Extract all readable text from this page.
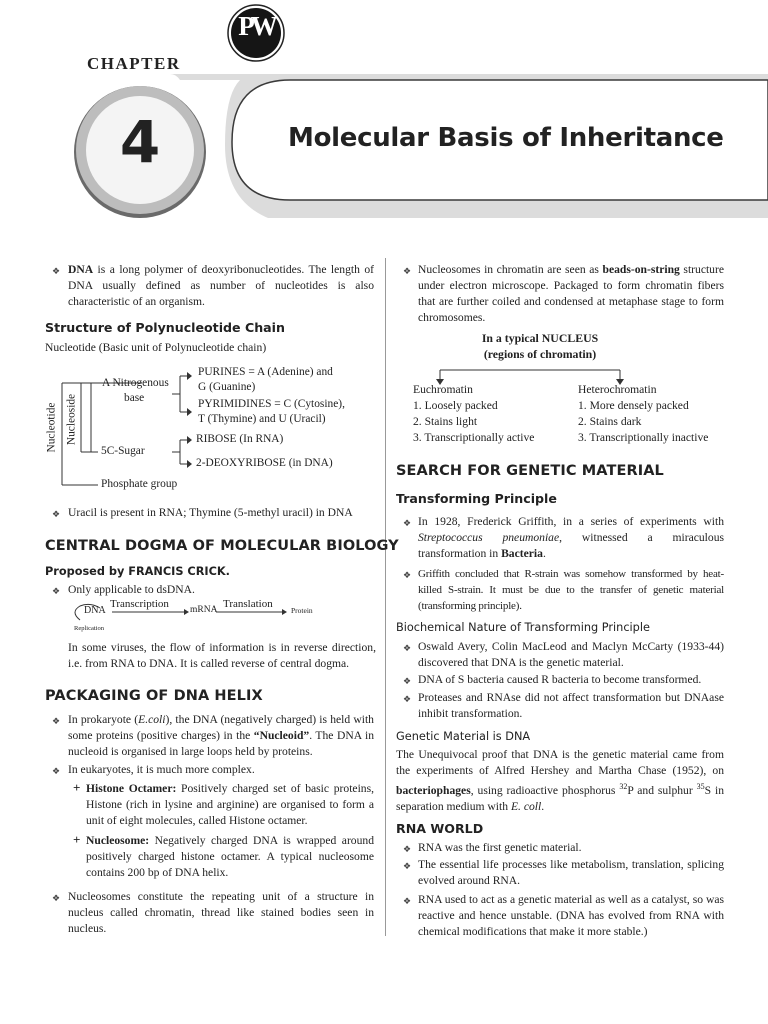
PW
CHAPTER
4	Molecular Basis of Inheritance
❖ DNA is a long polymer of deoxyribonucleotides. The length of DNA usually defined as number of nucleotides is also characteristic of an organism.
Structure of Polynucleotide Chain
Nucleotide (Basic unit of Polynucleotide chain)
Nucleotide Nucleoside
A Nitrogenous
base
PURINES = A (Adenine) and
G (Guanine)
PYRIMIDINES = C (Cytosine),
T (Thymine) and U (Uracil)
5C-Sugar
RIBOSE (In RNA)
2-DEOXYRIBOSE (in DNA)
Phosphate group
❖ Uracil is present in RNA; Thymine (5-methyl uracil) in DNA
CENTRAL DOGMA OF MOLECULAR BIOLOGY
Proposed by FRANCIS CRICK.
❖ Only applicable to dsDNA.
DNA
Transcription mRNA Translation
Protein
Replication
In some viruses, the flow of information is in reverse direction, i.e. from RNA to DNA. It is called reverse of central dogma.
PACKAGING OF DNA HELIX
❖ In prokaryote (E.coli), the DNA (negatively charged) is held with some proteins (positive charges) in the “Nucleoid”. The DNA in nucleoid is organised in large loops held by proteins.
❖ In eukaryotes, it is much more complex.
+ Histone Octamer: Positively charged set of basic proteins, Histone (rich in lysine and arginine) are organised to form a unit of eight molecules, called Histone octamer.
+ Nucleosome: Negatively charged DNA is wrapped around positively charged histone octamer. A typical nucleosome contains 200 bp of DNA helix.
❖ Nucleosomes constitute the repeating unit of a structure in nucleus called chromatin, thread like stained bodies seen in nucleus.
❖ Nucleosomes in chromatin are seen as beads-on-string structure under electron microscope. Packaged to form chromatin fibers that are further coiled and condensed at metaphase stage to form chromosomes.
In a typical NUCLEUS
(regions of chromatin)
Euchromatin	Heterochromatin
1. Loosely packed
2. Stains light
3. Transcriptionally active
1. More densely packed
2. Stains dark
3. Transcriptionally inactive
SEARCH FOR GENETIC MATERIAL
Transforming Principle
❖ In 1928, Frederick Griffith, in a series of experiments with Streptococcus pneumoniae, witnessed a miraculous transformation in Bacteria.
❖ Griffith concluded that R-strain was somehow transformed by heat-killed S-strain. It must be due to the transfer of genetic material (transforming principle).
Biochemical Nature of Transforming Principle
❖ Oswald Avery, Colin MacLeod and Maclyn McCarty (1933-44) discovered that DNA is the genetic material.
❖ DNA of S bacteria caused R bacteria to become transformed.
❖ Proteases and RNAse did not affect transformation but DNAase inhibit transformation.
Genetic Material is DNA
The Unequivocal proof that DNA is the genetic material came from the experiments of Alfred Hershey and Martha Chase (1952), on bacteriophages, using radioactive phosphorus $^{32}$P and sulphur $^{35}$S in separation medium with E. coll.
RNA WORLD
❖ RNA was the first genetic material.
❖ The essential life processes like metabolism, translation, splicing evolved around RNA.
❖ RNA used to act as a genetic material as well as a catalyst, so was reactive and hence unstable. (DNA has evolved from RNA with chemical modifications that make it more stable.)
